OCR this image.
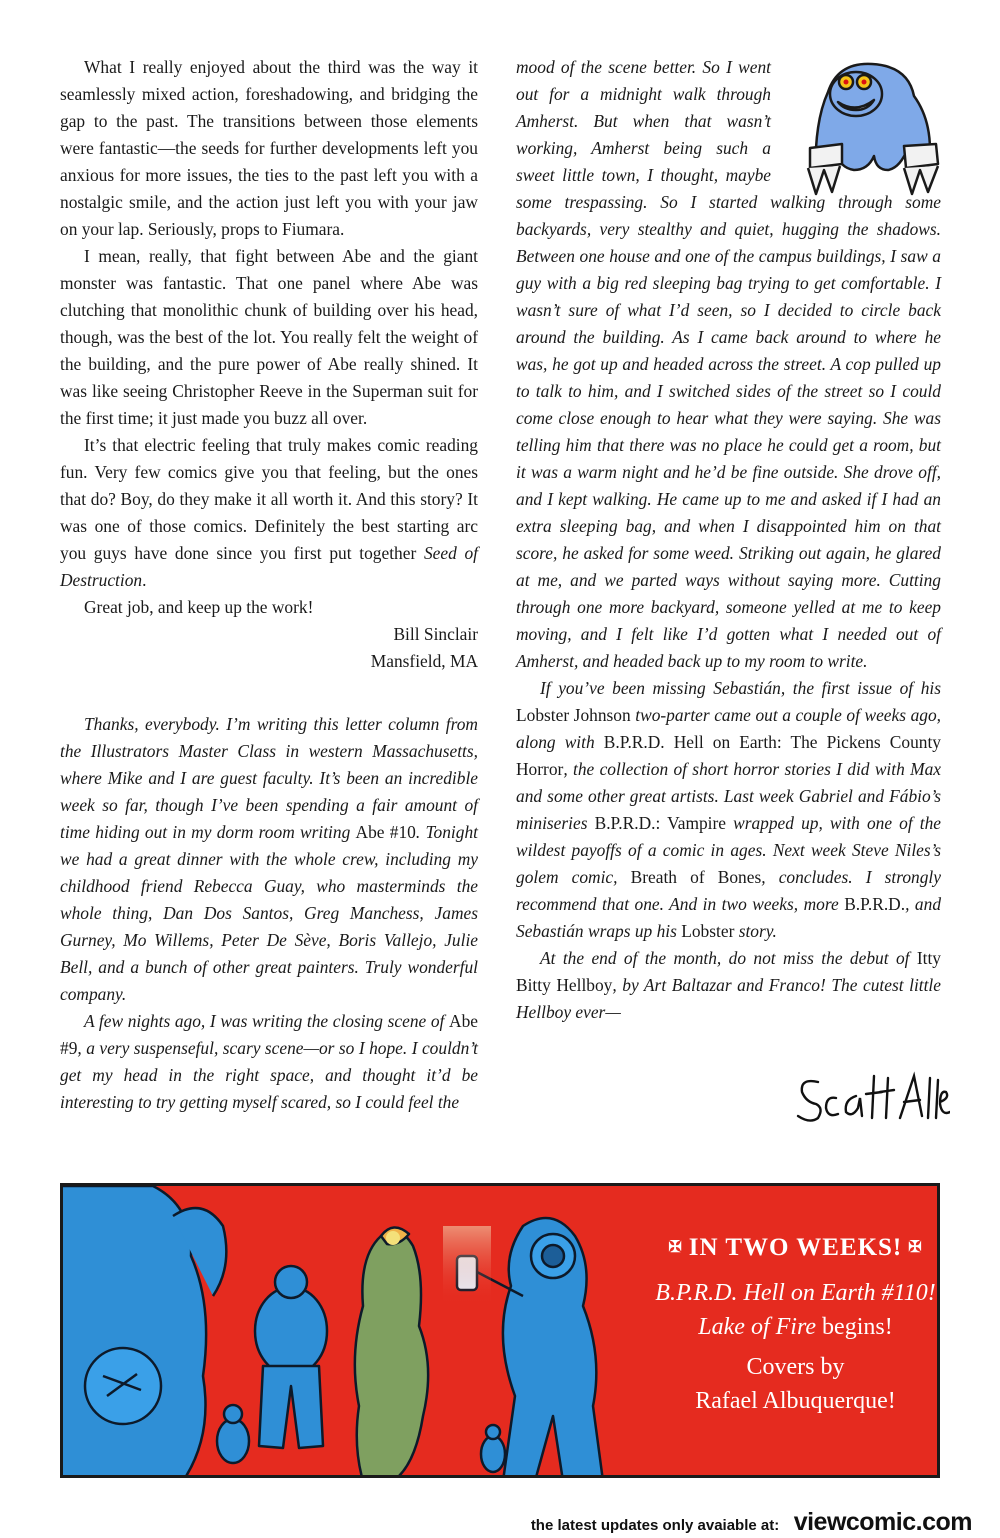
What I really enjoyed about the third was the way it seamlessly mixed action, foreshadowing, and bridging the gap to the past. The transitions between those elements were fantastic—the seeds for further developments left you anxious for more issues, the ties to the past left you with a nostalgic smile, and the action just left you with your jaw on your lap. Seriously, props to Fiumara.

I mean, really, that fight between Abe and the giant monster was fantastic. That one panel where Abe was clutching that monolithic chunk of building over his head, though, was the best of the lot. You really felt the weight of the building, and the pure power of Abe really shined. It was like seeing Christopher Reeve in the Superman suit for the first time; it just made you buzz all over.

It’s that electric feeling that truly makes comic reading fun. Very few comics give you that feeling, but the ones that do? Boy, do they make it all worth it. And this story? It was one of those comics. Definitely the best starting arc you guys have done since you first put together Seed of Destruction.

Great job, and keep up the work!

Bill Sinclair
Mansfield, MA

Thanks, everybody. I’m writing this letter column from the Illustrators Master Class in western Massachusetts, where Mike and I are guest faculty. It’s been an incredible week so far, though I’ve been spending a fair amount of time hiding out in my dorm room writing Abe #10. Tonight we had a great dinner with the whole crew, including my childhood friend Rebecca Guay, who masterminds the whole thing, Dan Dos Santos, Greg Manchess, James Gurney, Mo Willems, Peter De Sève, Boris Vallejo, Julie Bell, and a bunch of other great painters. Truly wonderful company.

A few nights ago, I was writing the closing scene of Abe #9, a very suspenseful, scary scene—or so I hope. I couldn’t get my head in the right space, and thought it’d be interesting to try getting myself scared, so I could feel the

mood of the scene better. So I went out for a midnight walk through Amherst. But when that wasn’t working, Amherst being such a sweet little town, I thought, maybe some trespassing. So I started walking through some backyards, very stealthy and quiet, hugging the shadows. Between one house and one of the campus buildings, I saw a guy with a big red sleeping bag trying to get comfortable. I wasn’t sure of what I’d seen, so I decided to circle back around the building. As I came back around to where he was, he got up and headed across the street. A cop pulled up to talk to him, and I switched sides of the street so I could come close enough to hear what they were saying. She was telling him that there was no place he could get a room, but it was a warm night and he’d be fine outside. She drove off, and I kept walking. He came up to me and asked if I had an extra sleeping bag, and when I disappointed him on that score, he asked for some weed. Striking out again, he glared at me, and we parted ways without saying more. Cutting through one more backyard, someone yelled at me to keep moving, and I felt like I’d gotten what I needed out of Amherst, and headed back up to my room to write.

If you’ve been missing Sebastián, the first issue of his Lobster Johnson two-parter came out a couple of weeks ago, along with B.P.R.D. Hell on Earth: The Pickens County Horror, the collection of short horror stories I did with Max and some other great artists. Last week Gabriel and Fábio’s miniseries B.P.R.D.: Vampire wrapped up, with one of the wildest payoffs of a comic in ages. Next week Steve Niles’s golem comic, Breath of Bones, concludes. I strongly recommend that one. And in two weeks, more B.P.R.D., and Sebastián wraps up his Lobster story.

At the end of the month, do not miss the debut of Itty Bitty Hellboy, by Art Baltazar and Franco! The cutest little Hellboy ever—

✠ IN TWO WEEKS! ✠
B.P.R.D. Hell on Earth #110!
Lake of Fire begins!
Covers by
Rafael Albuquerque!
the latest updates only avaiable at: viewcomic.com
